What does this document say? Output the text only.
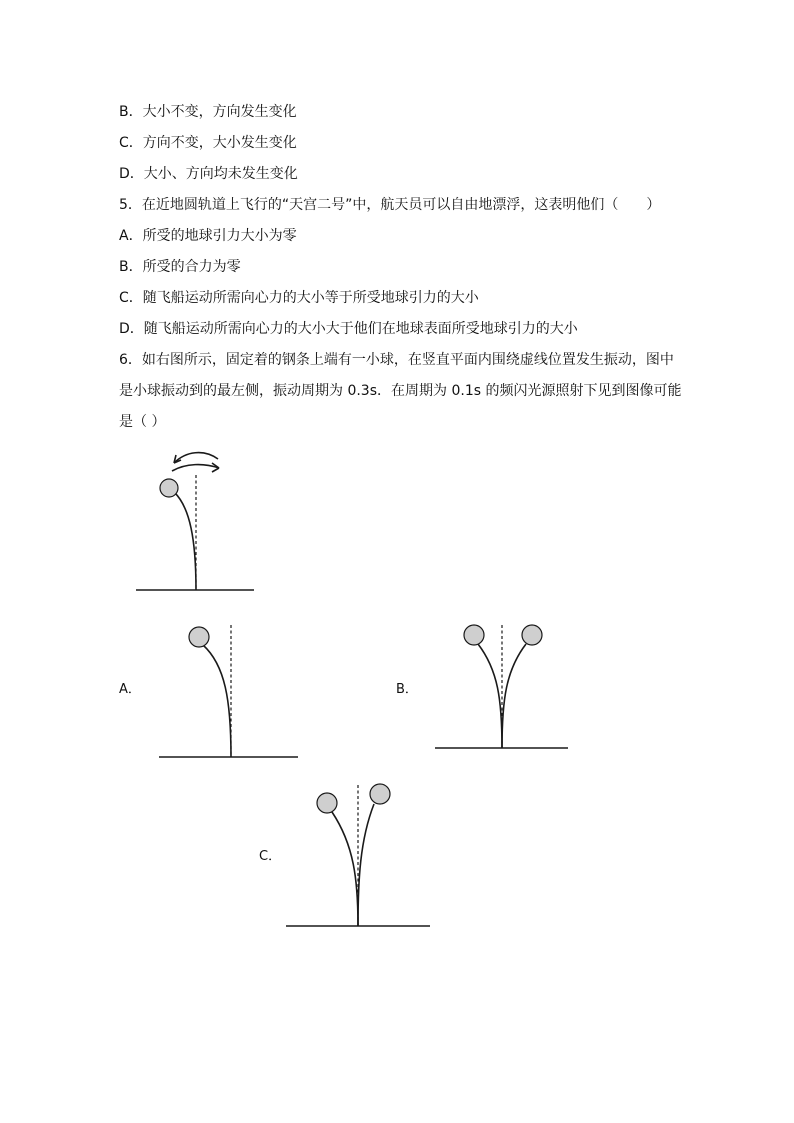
B．大小不变，方向发生变化
C．方向不变，大小发生变化
D．大小、方向均未发生变化
5．在近地圆轨道上飞行的“天宫二号”中，航天员可以自由地漂浮，这表明他们（　　）
A．所受的地球引力大小为零
B．所受的合力为零
C．随飞船运动所需向心力的大小等于所受地球引力的大小
D．随飞船运动所需向心力的大小大于他们在地球表面所受地球引力的大小
6．如右图所示，固定着的钢条上端有一小球，在竖直平面内围绕虚线位置发生振动，图中
是小球振动到的最左侧，振动周期为 0.3s．在周期为 0.1s 的频闪光源照射下见到图像可能
是（ ）
A．	B．
C．
